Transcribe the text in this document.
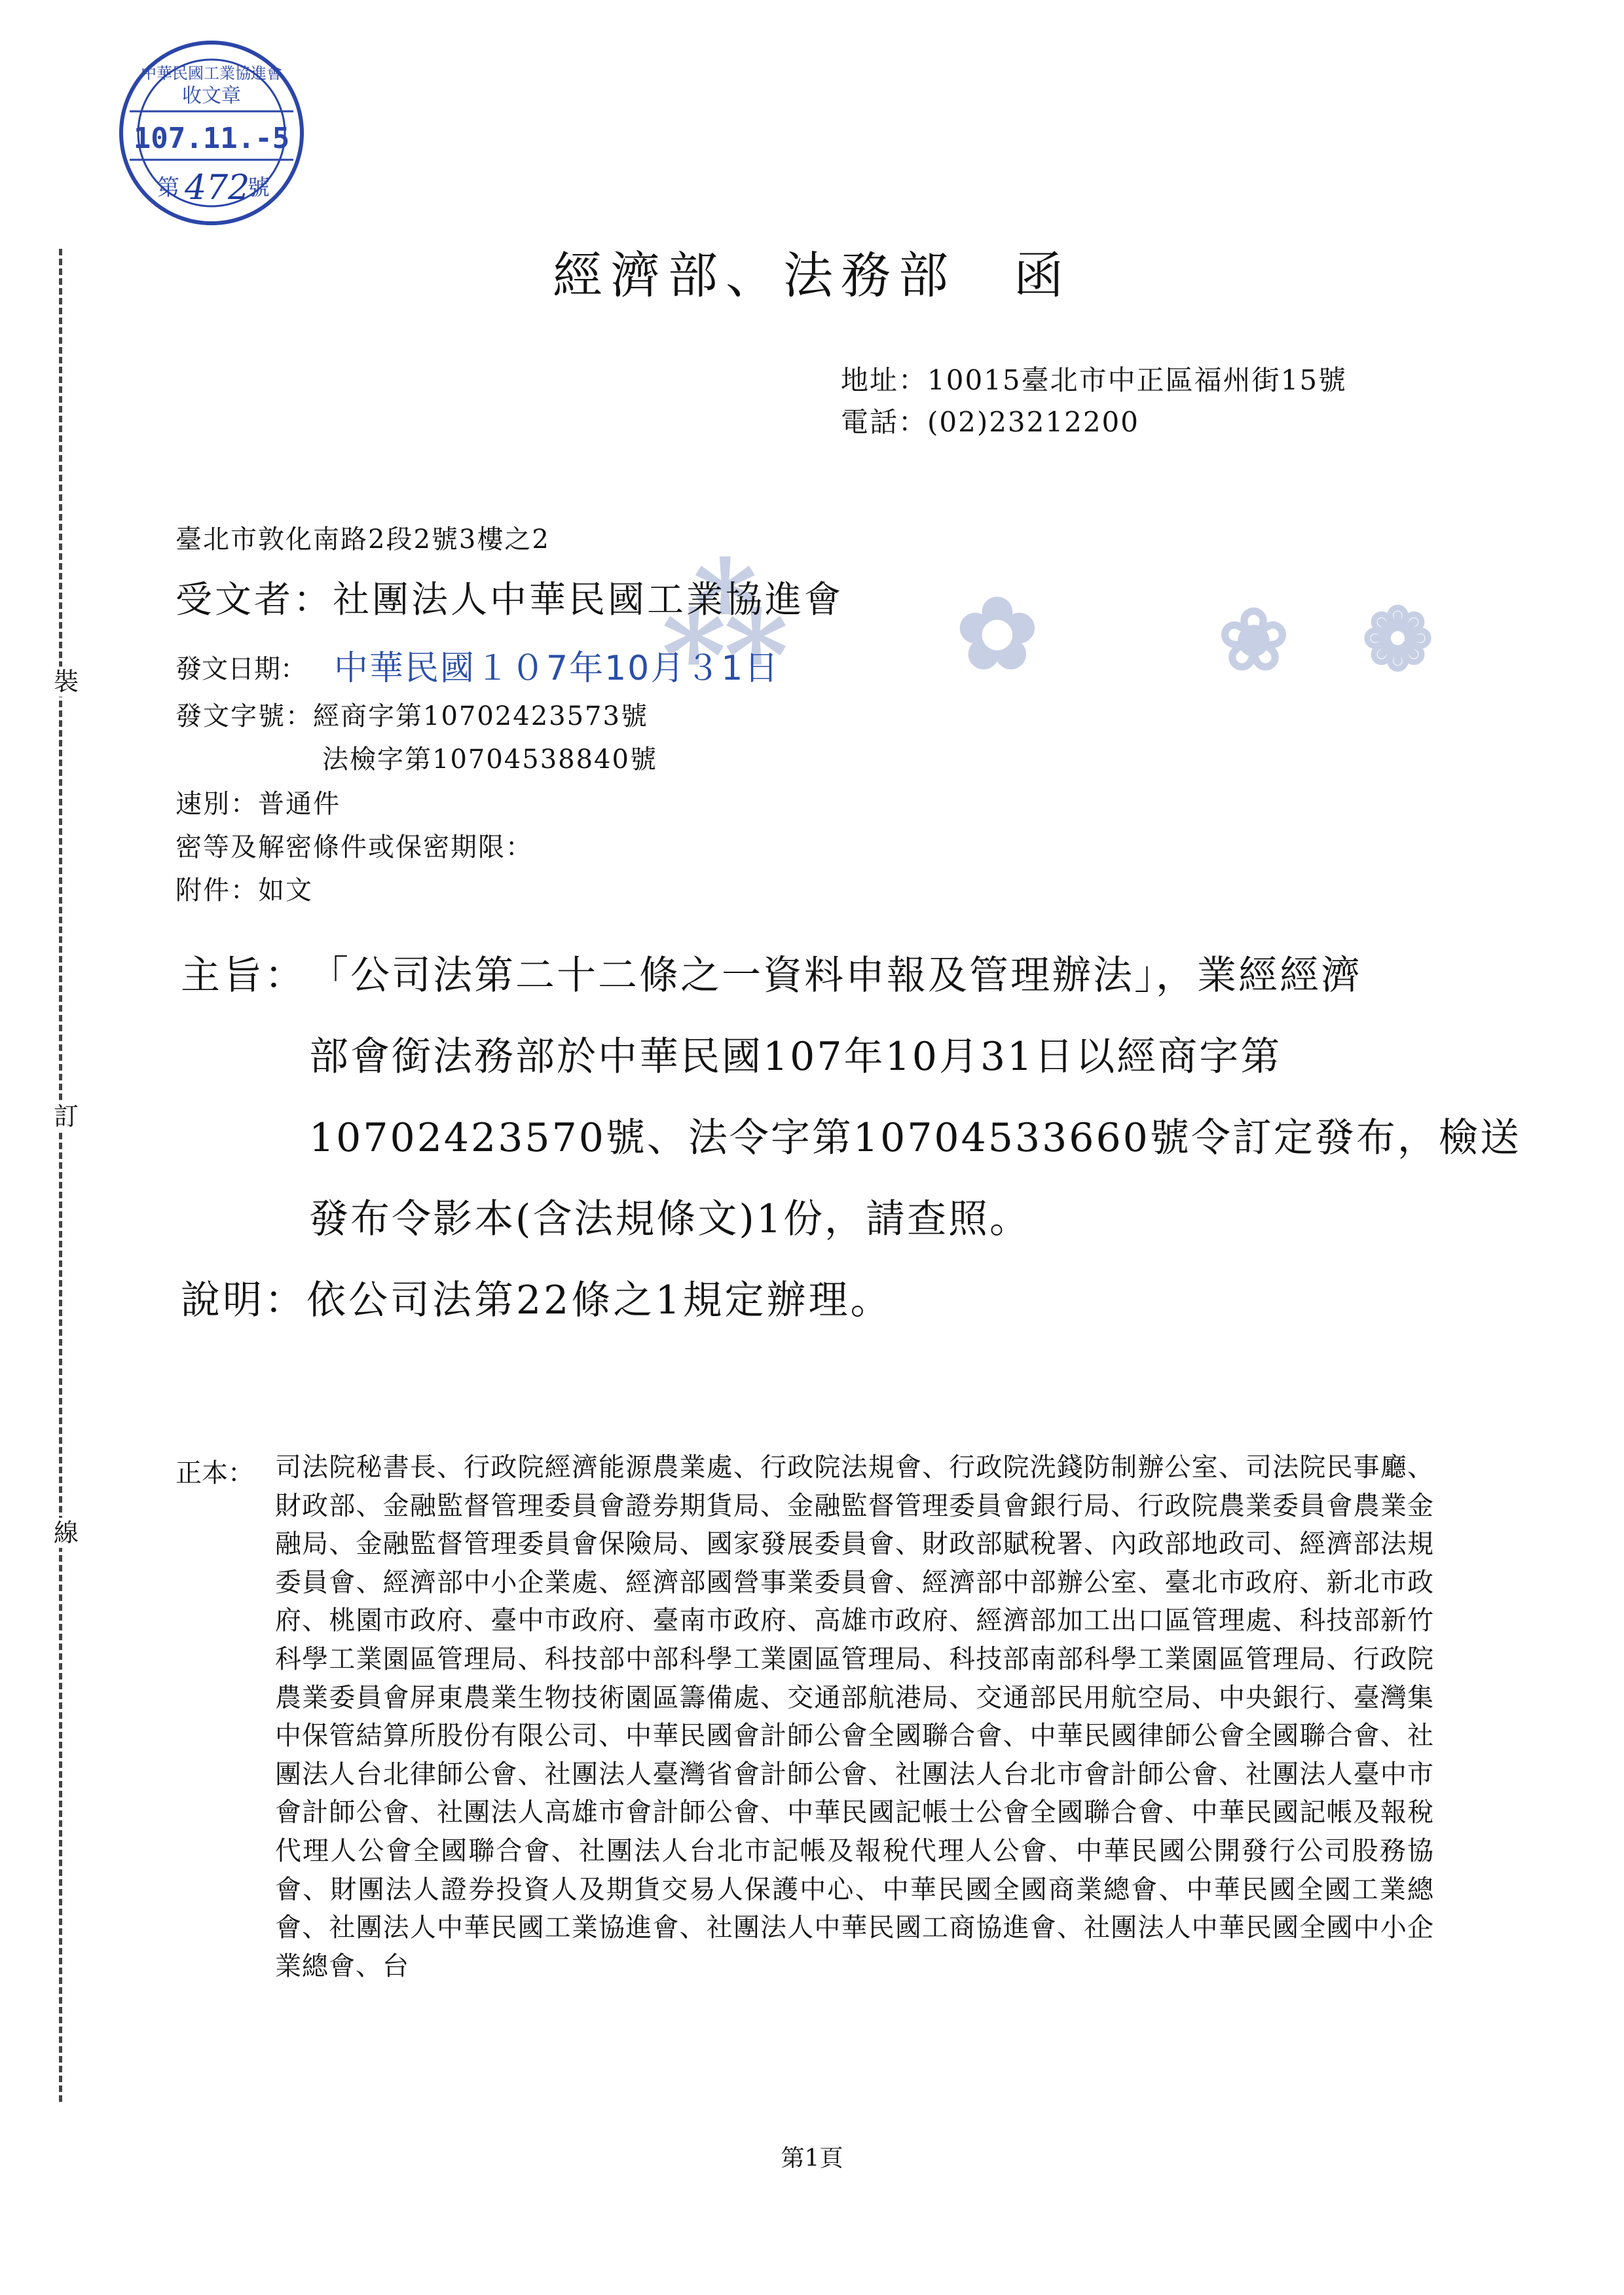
裝
訂
線
中華民國工業協進會
收文章
107.11.-5
第 472
號
⁂ ✿ ❀ ❁
經濟部、法務部　函
地址：10015臺北市中正區福州街15號
電話：(02)23212200
臺北市敦化南路2段2號3樓之2
受文者：社團法人中華民國工業協進會
發文日期： 中華民國１０7年10月３1日
發文字號：經商字第10702423573號
法檢字第10704538840號
速別：普通件
密等及解密條件或保密期限：
附件：如文
主旨： 「公司法第二十二條之一資料申報及管理辦法」，業經經濟
部會銜法務部於中華民國107年10月31日以經商字第
10702423570號、法令字第10704533660號令訂定發布，檢送
發布令影本(含法規條文)1份，請查照。
說明：依公司法第22條之1規定辦理。
正本： 司法院秘書長、行政院經濟能源農業處、行政院法規會、行政院洗錢防制辦公室、司法院民事廳、財政部、金融監督管理委員會證券期貨局、金融監督管理委員會銀行局、行政院農業委員會農業金融局、金融監督管理委員會保險局、國家發展委員會、財政部賦稅署、內政部地政司、經濟部法規委員會、經濟部中小企業處、經濟部國營事業委員會、經濟部中部辦公室、臺北市政府、新北市政府、桃園市政府、臺中市政府、臺南市政府、高雄市政府、經濟部加工出口區管理處、科技部新竹科學工業園區管理局、科技部中部科學工業園區管理局、科技部南部科學工業園區管理局、行政院農業委員會屏東農業生物技術園區籌備處、交通部航港局、交通部民用航空局、中央銀行、臺灣集中保管結算所股份有限公司、中華民國會計師公會全國聯合會、中華民國律師公會全國聯合會、社團法人台北律師公會、社團法人臺灣省會計師公會、社團法人台北市會計師公會、社團法人臺中市會計師公會、社團法人高雄市會計師公會、中華民國記帳士公會全國聯合會、中華民國記帳及報稅代理人公會全國聯合會、社團法人台北市記帳及報稅代理人公會、中華民國公開發行公司股務協會、財團法人證券投資人及期貨交易人保護中心、中華民國全國商業總會、中華民國全國工業總會、社團法人中華民國工業協進會、社團法人中華民國工商協進會、社團法人中華民國全國中小企業總會、台
第1頁
